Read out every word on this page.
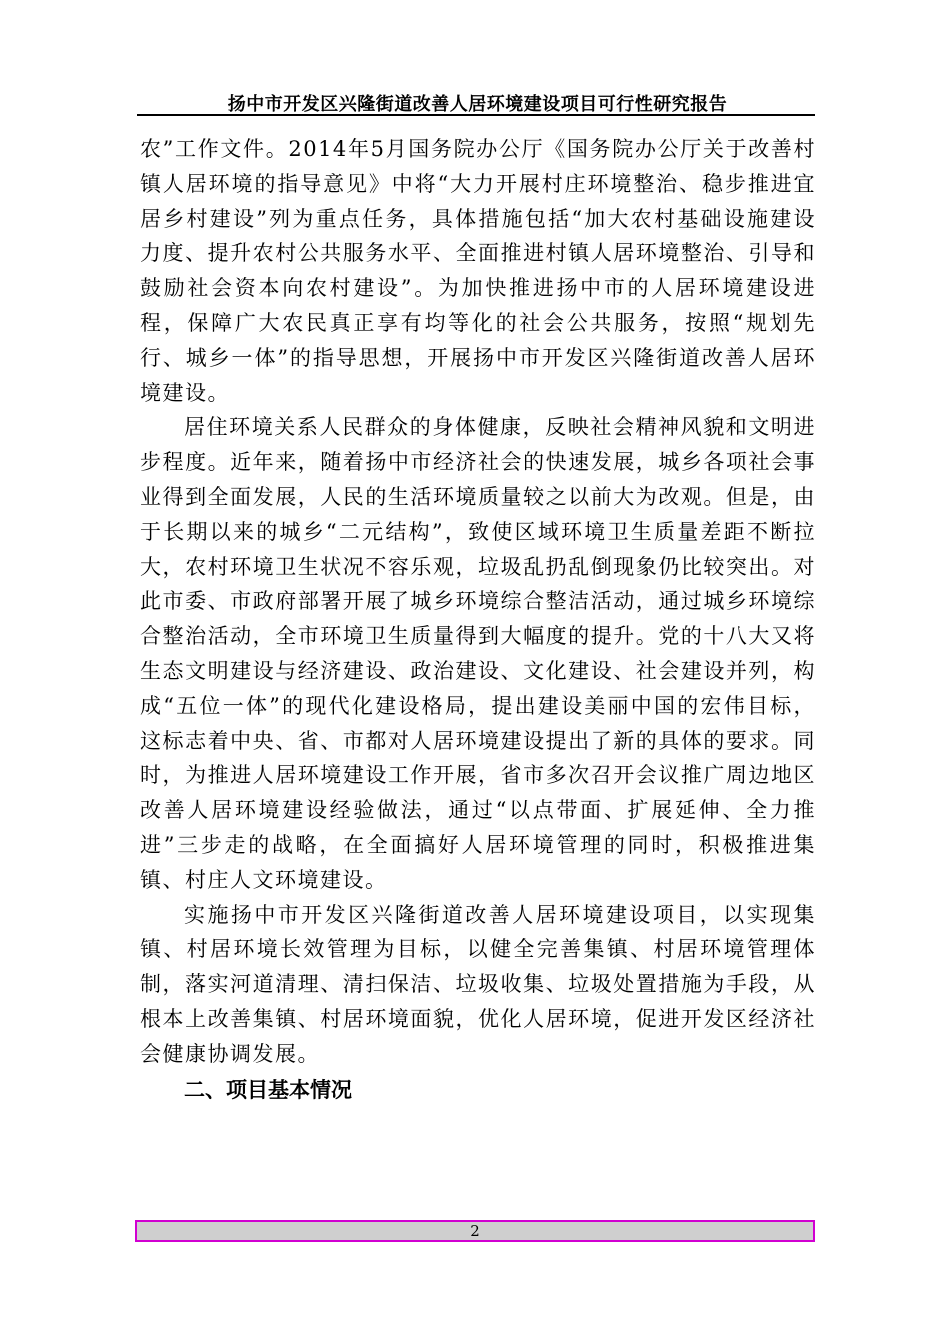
扬中市开发区兴隆街道改善人居环境建设项目可行性研究报告

农”工作文件。2014年5月国务院办公厅《国务院办公厅关于改善村镇人居环境的指导意见》中将“大力开展村庄环境整治、稳步推进宜居乡村建设”列为重点任务，具体措施包括“加大农村基础设施建设力度、提升农村公共服务水平、全面推进村镇人居环境整治、引导和鼓励社会资本向农村建设”。为加快推进扬中市的人居环境建设进程，保障广大农民真正享有均等化的社会公共服务，按照“规划先行、城乡一体”的指导思想，开展扬中市开发区兴隆街道改善人居环境建设。

居住环境关系人民群众的身体健康，反映社会精神风貌和文明进步程度。近年来，随着扬中市经济社会的快速发展，城乡各项社会事业得到全面发展，人民的生活环境质量较之以前大为改观。但是，由于长期以来的城乡“二元结构”，致使区域环境卫生质量差距不断拉大，农村环境卫生状况不容乐观，垃圾乱扔乱倒现象仍比较突出。对此市委、市政府部署开展了城乡环境综合整洁活动，通过城乡环境综合整治活动，全市环境卫生质量得到大幅度的提升。党的十八大又将生态文明建设与经济建设、政治建设、文化建设、社会建设并列，构成“五位一体”的现代化建设格局，提出建设美丽中国的宏伟目标，这标志着中央、省、市都对人居环境建设提出了新的具体的要求。同时，为推进人居环境建设工作开展，省市多次召开会议推广周边地区改善人居环境建设经验做法，通过“以点带面、扩展延伸、全力推进”三步走的战略，在全面搞好人居环境管理的同时，积极推进集镇、村庄人文环境建设。

实施扬中市开发区兴隆街道改善人居环境建设项目，以实现集镇、村居环境长效管理为目标，以健全完善集镇、村居环境管理体制，落实河道清理、清扫保洁、垃圾收集、垃圾处置措施为手段，从根本上改善集镇、村居环境面貌，优化人居环境，促进开发区经济社会健康协调发展。

二、项目基本情况

2
